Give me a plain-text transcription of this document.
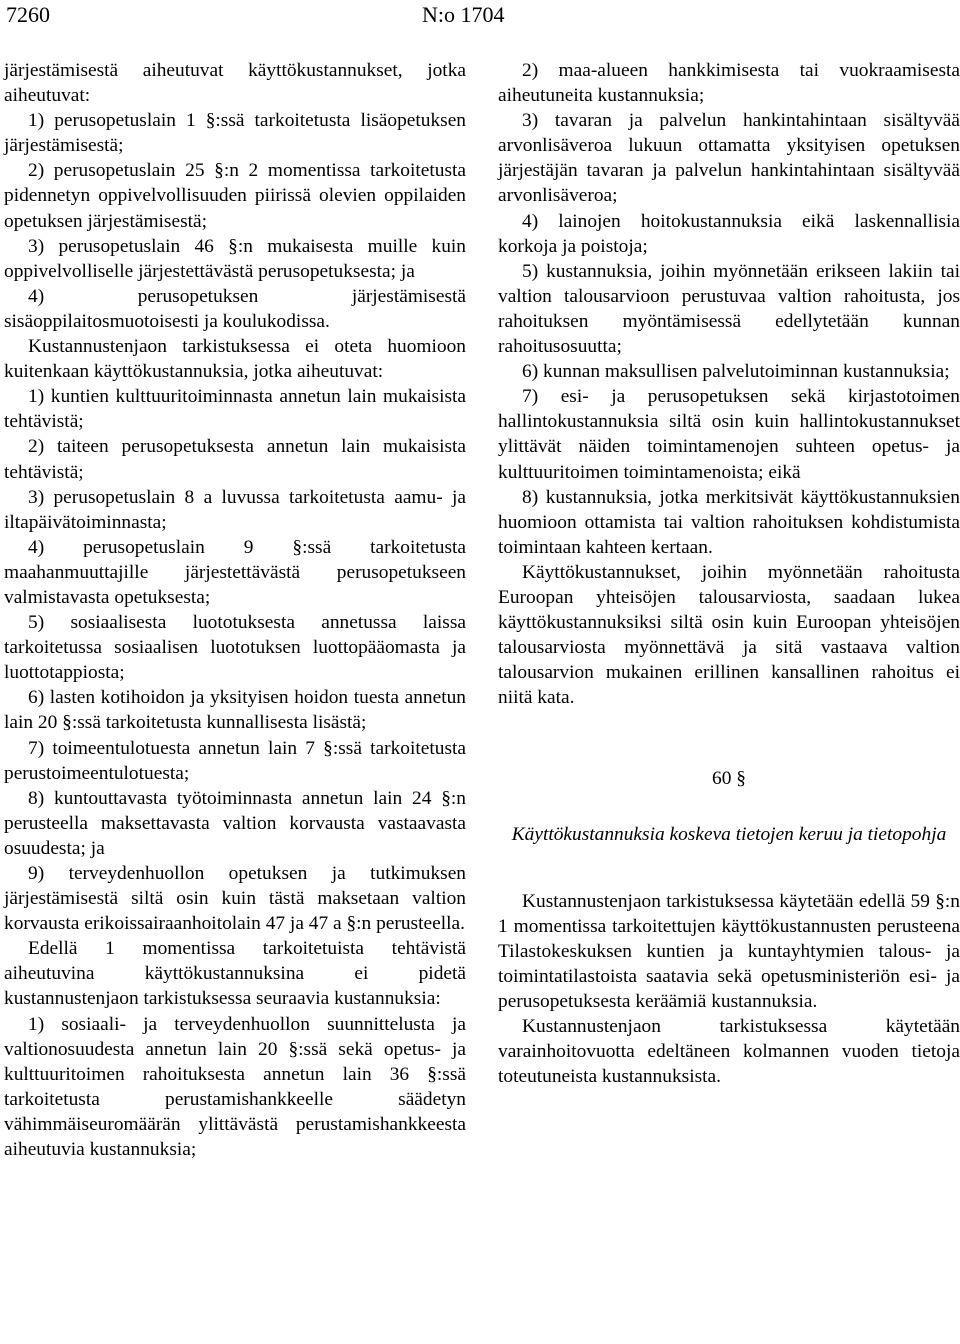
7260	N:o 1704

järjestämisestä aiheutuvat käyttökustannukset, jotka aiheutuvat:

1) perusopetuslain 1 §:ssä tarkoitetusta lisäopetuksen järjestämisestä;

2) perusopetuslain 25 §:n 2 momentissa tarkoitetusta pidennetyn oppivelvollisuuden piirissä olevien oppilaiden opetuksen järjestämisestä;

3) perusopetuslain 46 §:n mukaisesta muille kuin oppivelvolliselle järjestettävästä perusopetuksesta; ja

4) perusopetuksen järjestämisestä sisäoppilaitosmuotoisesti ja koulukodissa.

Kustannustenjaon tarkistuksessa ei oteta huomioon kuitenkaan käyttökustannuksia, jotka aiheutuvat:

1) kuntien kulttuuritoiminnasta annetun lain mukaisista tehtävistä;

2) taiteen perusopetuksesta annetun lain mukaisista tehtävistä;

3) perusopetuslain 8 a luvussa tarkoitetusta aamu- ja iltapäivätoiminnasta;

4) perusopetuslain 9 §:ssä tarkoitetusta maahanmuuttajille järjestettävästä perusopetukseen valmistavasta opetuksesta;

5) sosiaalisesta luototuksesta annetussa laissa tarkoitetussa sosiaalisen luototuksen luottopääomasta ja luottotappiosta;

6) lasten kotihoidon ja yksityisen hoidon tuesta annetun lain 20 §:ssä tarkoitetusta kunnallisesta lisästä;

7) toimeentulotuesta annetun lain 7 §:ssä tarkoitetusta perustoimeentulotuesta;

8) kuntouttavasta työtoiminnasta annetun lain 24 §:n perusteella maksettavasta valtion korvausta vastaavasta osuudesta; ja

9) terveydenhuollon opetuksen ja tutkimuksen järjestämisestä siltä osin kuin tästä maksetaan valtion korvausta erikoissairaanhoitolain 47 ja 47 a §:n perusteella.

Edellä 1 momentissa tarkoitetuista tehtävistä aiheutuvina käyttökustannuksina ei pidetä kustannustenjaon tarkistuksessa seuraavia kustannuksia:

1) sosiaali- ja terveydenhuollon suunnittelusta ja valtionosuudesta annetun lain 20 §:ssä sekä opetus- ja kulttuuritoimen rahoituksesta annetun lain 36 §:ssä tarkoitetusta perustamishankkeelle säädetyn vähimmäiseuromäärän ylittävästä perustamishankkeesta aiheutuvia kustannuksia;

2) maa-alueen hankkimisesta tai vuokraamisesta aiheutuneita kustannuksia;

3) tavaran ja palvelun hankintahintaan sisältyvää arvonlisäveroa lukuun ottamatta yksityisen opetuksen järjestäjän tavaran ja palvelun hankintahintaan sisältyvää arvonlisäveroa;

4) lainojen hoitokustannuksia eikä laskennallisia korkoja ja poistoja;

5) kustannuksia, joihin myönnetään erikseen lakiin tai valtion talousarvioon perustuvaa valtion rahoitusta, jos rahoituksen myöntämisessä edellytetään kunnan rahoitusosuutta;

6) kunnan maksullisen palvelutoiminnan kustannuksia;

7) esi- ja perusopetuksen sekä kirjastotoimen hallintokustannuksia siltä osin kuin hallintokustannukset ylittävät näiden toimintamenojen suhteen opetus- ja kulttuuritoimen toimintamenoista; eikä

8) kustannuksia, jotka merkitsivät käyttökustannuksien huomioon ottamista tai valtion rahoituksen kohdistumista toimintaan kahteen kertaan.

Käyttökustannukset, joihin myönnetään rahoitusta Euroopan yhteisöjen talousarviosta, saadaan lukea käyttökustannuksiksi siltä osin kuin Euroopan yhteisöjen talousarviosta myönnettävä ja sitä vastaava valtion talousarvion mukainen erillinen kansallinen rahoitus ei niitä kata.

60 §

Käyttökustannuksia koskeva tietojen keruu ja tietopohja

Kustannustenjaon tarkistuksessa käytetään edellä 59 §:n 1 momentissa tarkoitettujen käyttökustannusten perusteena Tilastokeskuksen kuntien ja kuntayhtymien talous- ja toimintatilastoista saatavia sekä opetusministeriön esi- ja perusopetuksesta keräämiä kustannuksia.

Kustannustenjaon tarkistuksessa käytetään varainhoitovuotta edeltäneen kolmannen vuoden tietoja toteutuneista kustannuksista.
